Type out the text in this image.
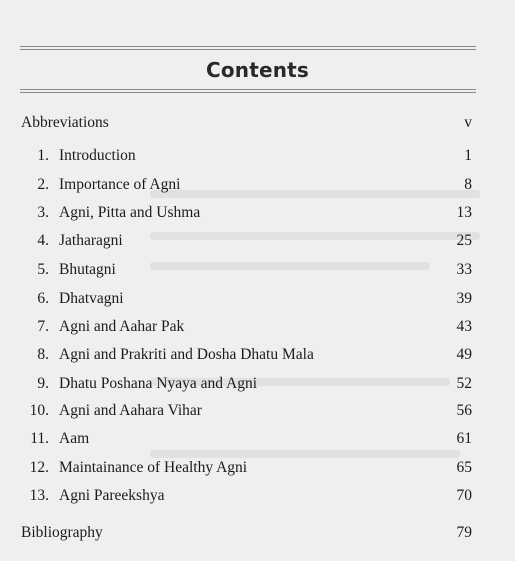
Contents
Abbreviations	v
1. Introduction	1
2. Importance of Agni	8
3. Agni, Pitta and Ushma	13
4. Jatharagni	25
5. Bhutagni	33
6. Dhatvagni	39
7. Agni and Aahar Pak	43
8. Agni and Prakriti and Dosha Dhatu Mala	49
9. Dhatu Poshana Nyaya and Agni	52
10. Agni and Aahara Vihar	56
11. Aam	61
12. Maintainance of Healthy Agni	65
13. Agni Pareekshya	70
Bibliography	79
